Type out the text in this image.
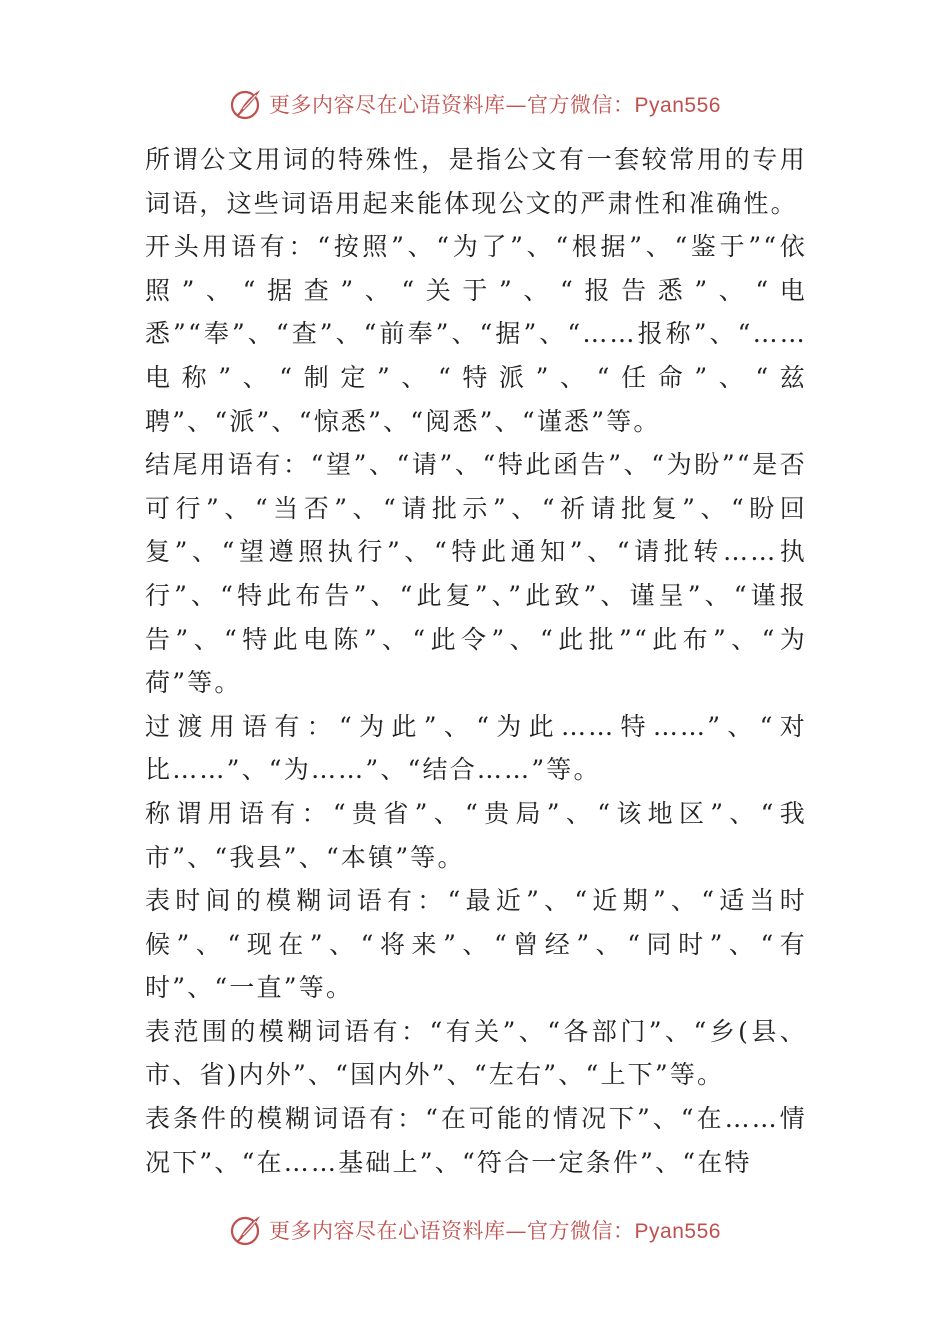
更多内容尽在心语资料库—官方微信：Pyan556

所谓公文用词的特殊性，是指公文有一套较常用的专用词语，这些词语用起来能体现公文的严肃性和准确性。

开头用语有：“按照”、“为了”、“根据”、“鉴于”“依照”、“据查”、“关于”、“报告悉”、“电悉”“奉”、“查”、“前奉”、“据”、“……报称”、“……电称”、“制定”、“特派”、“任命”、“兹聘”、“派”、“惊悉”、“阅悉”、“谨悉”等。

结尾用语有：“望”、“请”、“特此函告”、“为盼”“是否可行”、“当否”、“请批示”、“祈请批复”、“盼回复”、“望遵照执行”、“特此通知”、“请批转……执行”、“特此布告”、“此复”、”此致”、谨呈”、“谨报告”、“特此电陈”、“此令”、“此批”“此布”、“为荷”等。

过渡用语有：“为此”、“为此……特……”、“对比……”、“为……”、“结合……”等。

称谓用语有：“贵省”、“贵局”、“该地区”、“我市”、“我县”、“本镇”等。

表时间的模糊词语有：“最近”、“近期”、“适当时候”、“现在”、“将来”、“曾经”、“同时”、“有时”、“一直”等。

表范围的模糊词语有：“有关”、“各部门”、“乡(县、市、省)内外”、“国内外”、“左右”、“上下”等。

表条件的模糊词语有：“在可能的情况下”、“在……情况下”、“在……基础上”、“符合一定条件”、“在特

更多内容尽在心语资料库—官方微信：Pyan556
